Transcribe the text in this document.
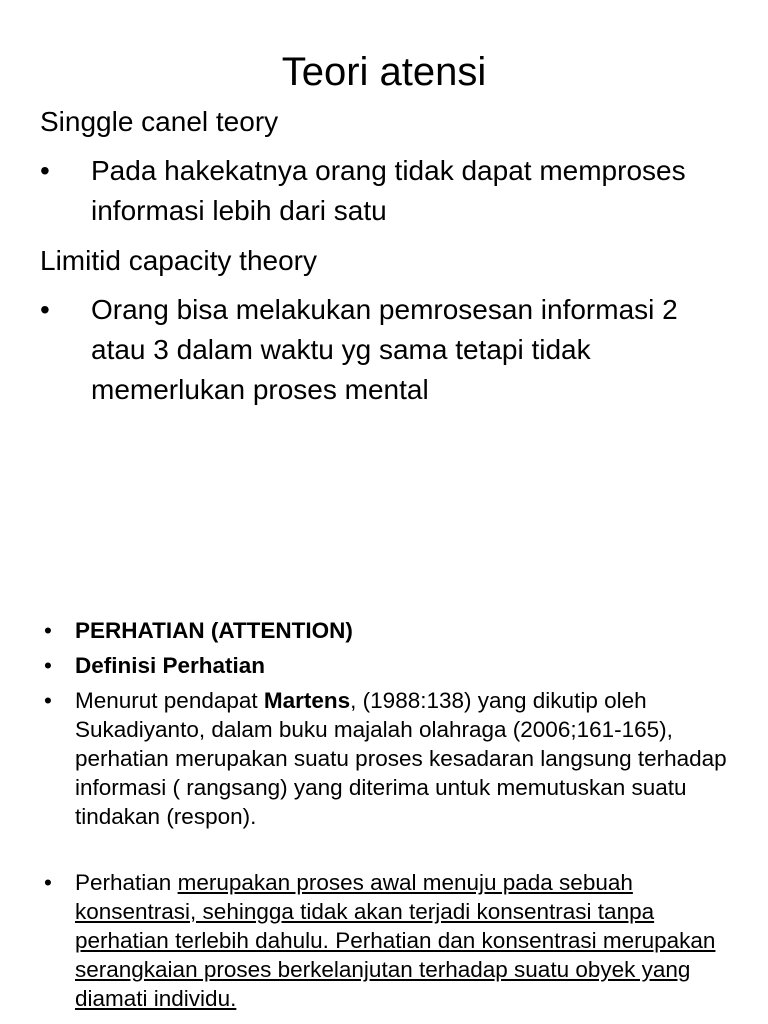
Teori atensi
Singgle canel teory
•	Pada hakekatnya orang tidak dapat memproses informasi lebih dari satu
Limitid capacity theory
•	Orang bisa melakukan pemrosesan informasi 2 atau 3 dalam waktu yg sama tetapi tidak memerlukan proses mental
•	PERHATIAN (ATTENTION)
•	Definisi Perhatian
•	Menurut pendapat Martens, (1988:138) yang dikutip oleh Sukadiyanto, dalam buku majalah olahraga (2006;161-165), perhatian merupakan suatu proses kesadaran langsung terhadap informasi ( rangsang) yang diterima untuk memutuskan suatu tindakan (respon).
•	Perhatian merupakan proses awal menuju pada sebuah konsentrasi, sehingga tidak akan terjadi konsentrasi tanpa perhatian terlebih dahulu. Perhatian dan konsentrasi merupakan serangkaian proses berkelanjutan terhadap suatu obyek yang diamati individu.
